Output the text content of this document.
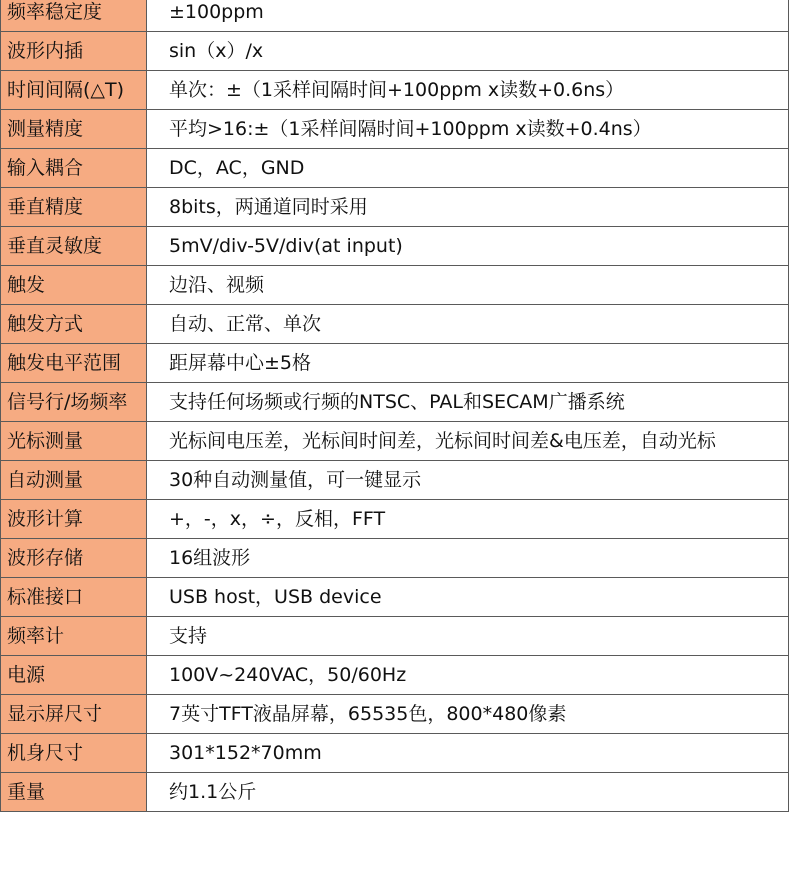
频率稳定度	±100ppm
波形内插	sin（x）/x
时间间隔(△T)	单次：±（1采样间隔时间+100ppm x读数+0.6ns）
测量精度	平均>16:±（1采样间隔时间+100ppm x读数+0.4ns）
输入耦合	DC，AC，GND
垂直精度	8bits，两通道同时采用
垂直灵敏度	5mV/div-5V/div(at input)
触发	边沿、视频
触发方式	自动、正常、单次
触发电平范围	距屏幕中心±5格
信号行/场频率	支持任何场频或行频的NTSC、PAL和SECAM广播系统
光标测量	光标间电压差，光标间时间差，光标间时间差&电压差，自动光标
自动测量	30种自动测量值，可一键显示
波形计算	+，-，x，÷，反相，FFT
波形存储	16组波形
标准接口	USB host，USB device
频率计	支持
电源	100V~240VAC，50/60Hz
显示屏尺寸	7英寸TFT液晶屏幕，65535色，800*480像素
机身尺寸	301*152*70mm
重量	约1.1公斤
